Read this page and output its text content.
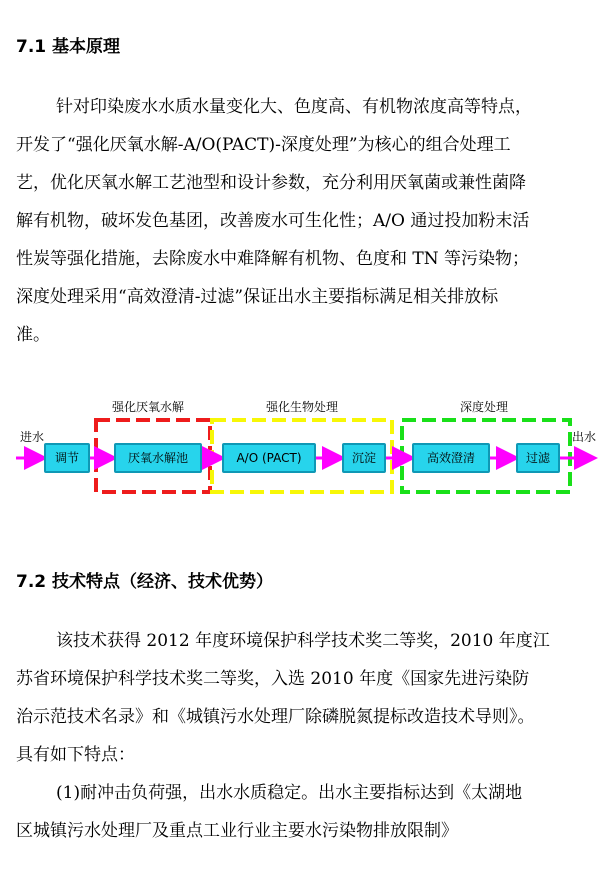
7.1 基本原理
针对印染废水水质水量变化大、色度高、有机物浓度高等特点，
开发了“强化厌氧水解-A/O(PACT)-深度处理”为核心的组合处理工
艺，优化厌氧水解工艺池型和设计参数，充分利用厌氧菌或兼性菌降
解有机物，破坏发色基团，改善废水可生化性；A/O 通过投加粉末活
性炭等强化措施，去除废水中难降解有机物、色度和 TN 等污染物；
深度处理采用“高效澄清-过滤”保证出水主要指标满足相关排放标
准。
进水	出水
强化厌氧水解	强化生物处理	深度处理
调节	厌氧水解池	A/O (PACT)	沉淀	高效澄清	过滤
7.2 技术特点（经济、技术优势）
该技术获得 2012 年度环境保护科学技术奖二等奖，2010 年度江
苏省环境保护科学技术奖二等奖，入选 2010 年度《国家先进污染防
治示范技术名录》和《城镇污水处理厂除磷脱氮提标改造技术导则》。
具有如下特点：
(1)耐冲击负荷强，出水水质稳定。出水主要指标达到《太湖地
区城镇污水处理厂及重点工业行业主要水污染物排放限制》
